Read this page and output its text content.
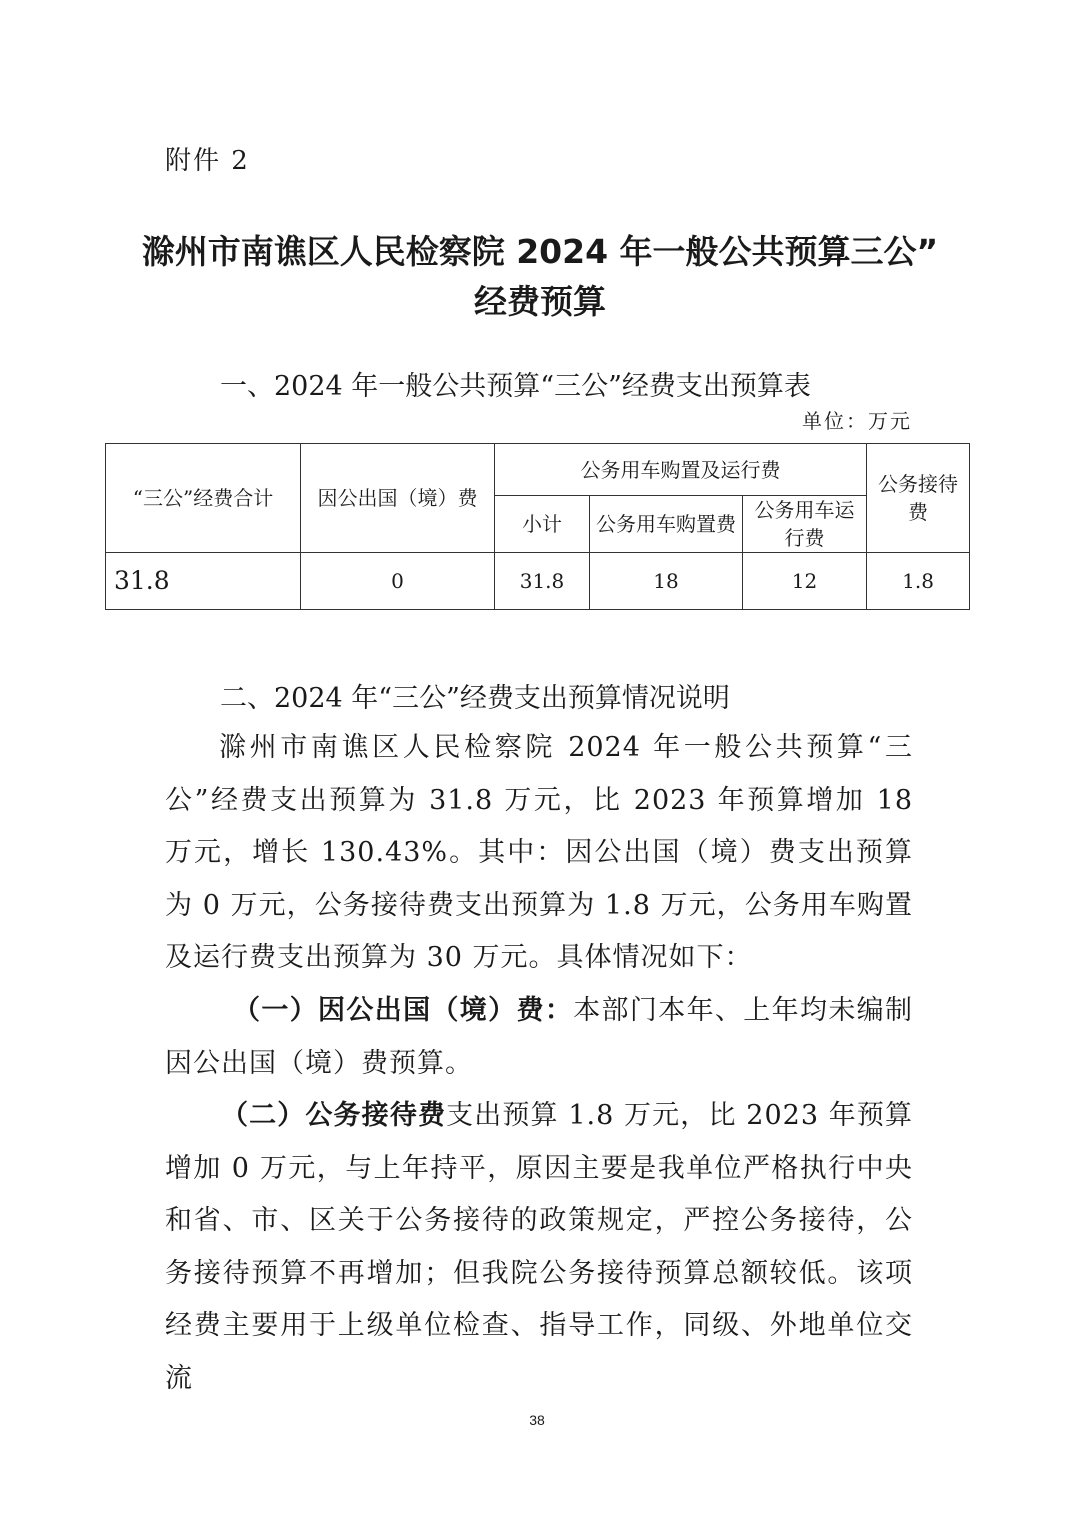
附件 2
滁州市南谯区人民检察院 2024 年一般公共预算三公”
经费预算
一、2024 年一般公共预算“三公”经费支出预算表
单位：万元
“三公”经费合计	因公出国（境）费	公务用车购置及运行费			公务接待费
		小计	公务用车购置费	公务用车运行费	
31.8	0	31.8	18	12	1.8
二、2024 年“三公”经费支出预算情况说明
滁州市南谯区人民检察院 2024 年一般公共预算“三公”经费支出预算为 31.8 万元，比 2023 年预算增加 18 万元，增长 130.43%。其中：因公出国（境）费支出预算为 0 万元，公务接待费支出预算为 1.8 万元，公务用车购置及运行费支出预算为 30 万元。具体情况如下：
（一）因公出国（境）费：本部门本年、上年均未编制因公出国（境）费预算。
（二）公务接待费支出预算 1.8 万元，比 2023 年预算增加 0 万元，与上年持平，原因主要是我单位严格执行中央和省、市、区关于公务接待的政策规定，严控公务接待，公务接待预算不再增加；但我院公务接待预算总额较低。该项经费主要用于上级单位检查、指导工作，同级、外地单位交流
38
